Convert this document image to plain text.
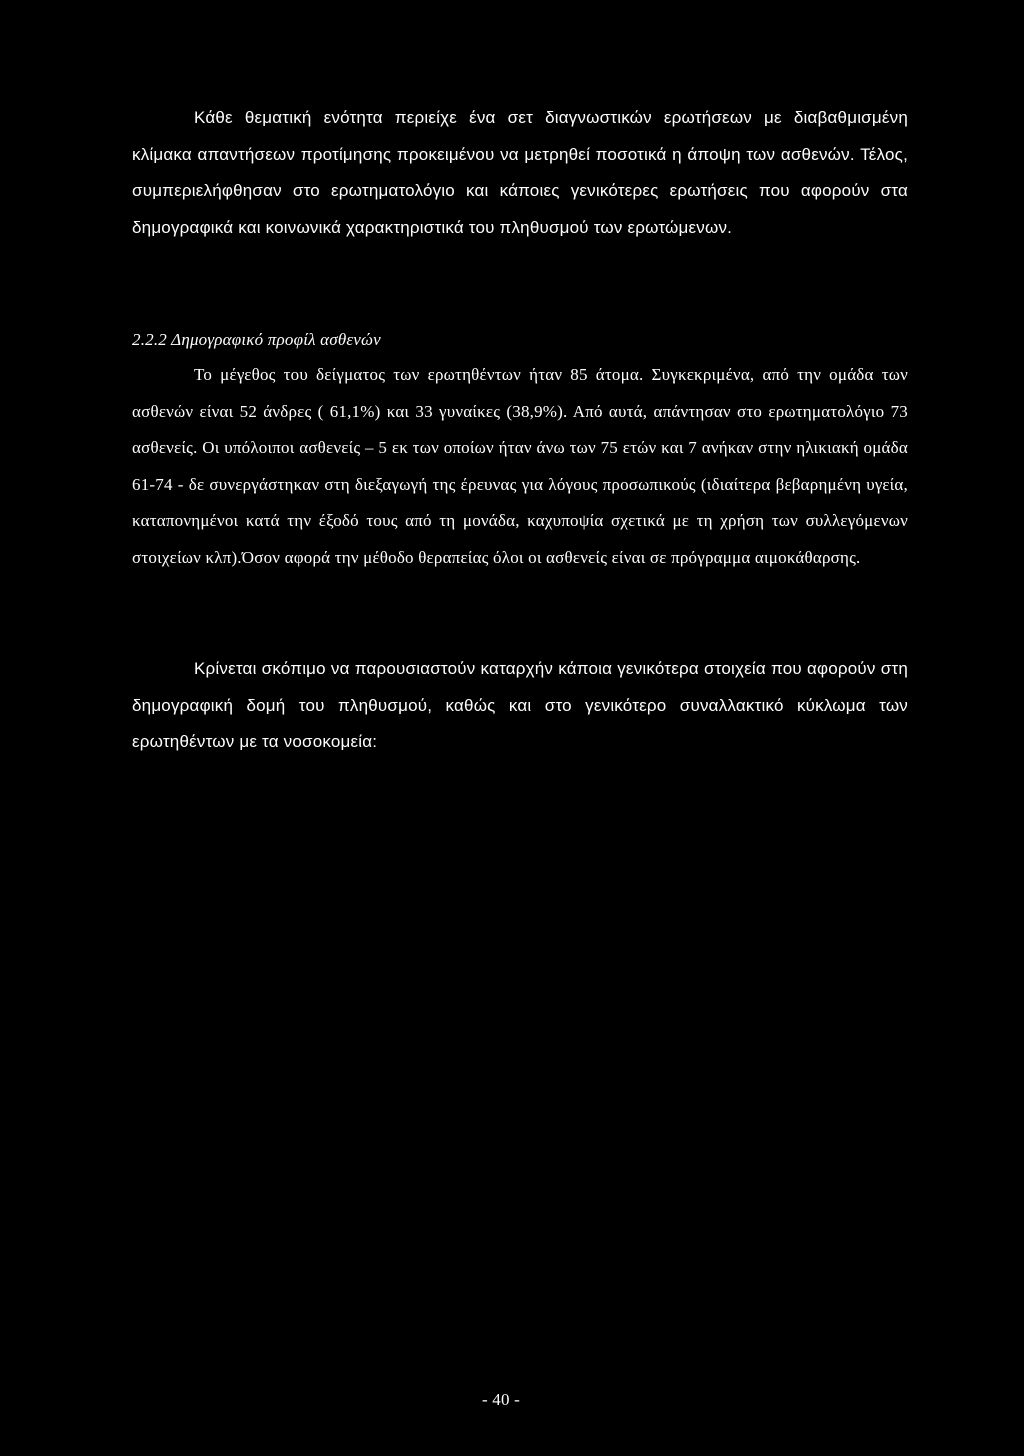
Κάθε θεματική ενότητα περιείχε ένα σετ διαγνωστικών ερωτήσεων με διαβαθμισμένη κλίμακα απαντήσεων προτίμησης προκειμένου να μετρηθεί ποσοτικά η άποψη των ασθενών. Τέλος, συμπεριελήφθησαν στο ερωτηματολόγιο και κάποιες γενικότερες ερωτήσεις που αφορούν στα δημογραφικά και κοινωνικά χαρακτηριστικά του πληθυσμού των ερωτώμενων.

2.2.2 Δημογραφικό προφίλ ασθενών

Το μέγεθος του δείγματος των ερωτηθέντων ήταν 85 άτομα. Συγκεκριμένα, από την ομάδα των ασθενών είναι 52 άνδρες ( 61,1%) και 33 γυναίκες (38,9%). Από αυτά, απάντησαν στο ερωτηματολόγιο 73 ασθενείς. Οι υπόλοιποι ασθενείς – 5 εκ των οποίων ήταν άνω των 75 ετών και 7 ανήκαν στην ηλικιακή ομάδα 61-74 - δε συνεργάστηκαν στη διεξαγωγή της έρευνας για λόγους προσωπικούς (ιδιαίτερα βεβαρημένη υγεία, καταπονημένοι κατά την έξοδό τους από τη μονάδα, καχυποψία σχετικά με τη χρήση των συλλεγόμενων στοιχείων κλπ).Όσον αφορά την μέθοδο θεραπείας όλοι οι ασθενείς είναι σε πρόγραμμα αιμοκάθαρσης.

Κρίνεται σκόπιμο να παρουσιαστούν καταρχήν κάποια γενικότερα στοιχεία που αφορούν στη δημογραφική δομή του πληθυσμού, καθώς και στο γενικότερο συναλλακτικό κύκλωμα των ερωτηθέντων με τα νοσοκομεία:

- 40 -
